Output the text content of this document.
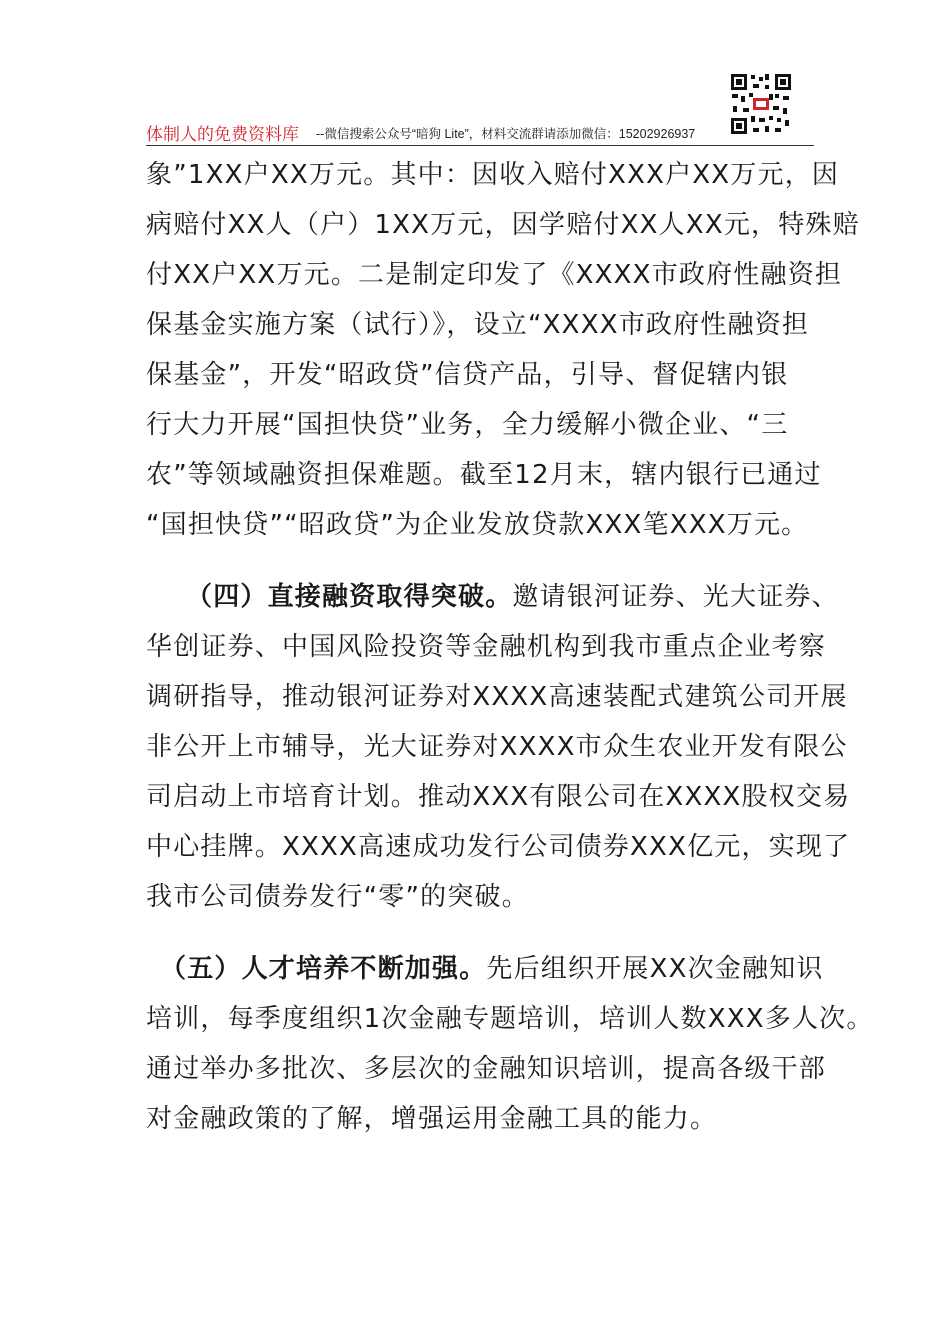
体制人的免费资料库 --微信搜索公众号“暗狗 Lite”，材料交流群请添加微信：15202926937
象”1XX户XX万元。其中：因收入赔付XXX户XX万元，因
病赔付XX人（户）1XX万元，因学赔付XX人XX元，特殊赔
付XX户XX万元。二是制定印发了《XXXX市政府性融资担
保基金实施方案（试行）》，设立“XXXX市政府性融资担
保基金”，开发“昭政贷”信贷产品，引导、督促辖内银
行大力开展“国担快贷”业务，全力缓解小微企业、“三
农”等领域融资担保难题。截至12月末，辖内银行已通过
“国担快贷”“昭政贷”为企业发放贷款XXX笔XXX万元。
（四）直接融资取得突破。邀请银河证券、光大证券、
华创证券、中国风险投资等金融机构到我市重点企业考察
调研指导，推动银河证券对XXXX高速装配式建筑公司开展
非公开上市辅导，光大证券对XXXX市众生农业开发有限公
司启动上市培育计划。推动XXX有限公司在XXXX股权交易
中心挂牌。XXXX高速成功发行公司债券XXX亿元，实现了
我市公司债券发行“零”的突破。
（五）人才培养不断加强。先后组织开展XX次金融知识
培训，每季度组织1次金融专题培训，培训人数XXX多人次。
通过举办多批次、多层次的金融知识培训，提高各级干部
对金融政策的了解，增强运用金融工具的能力。
